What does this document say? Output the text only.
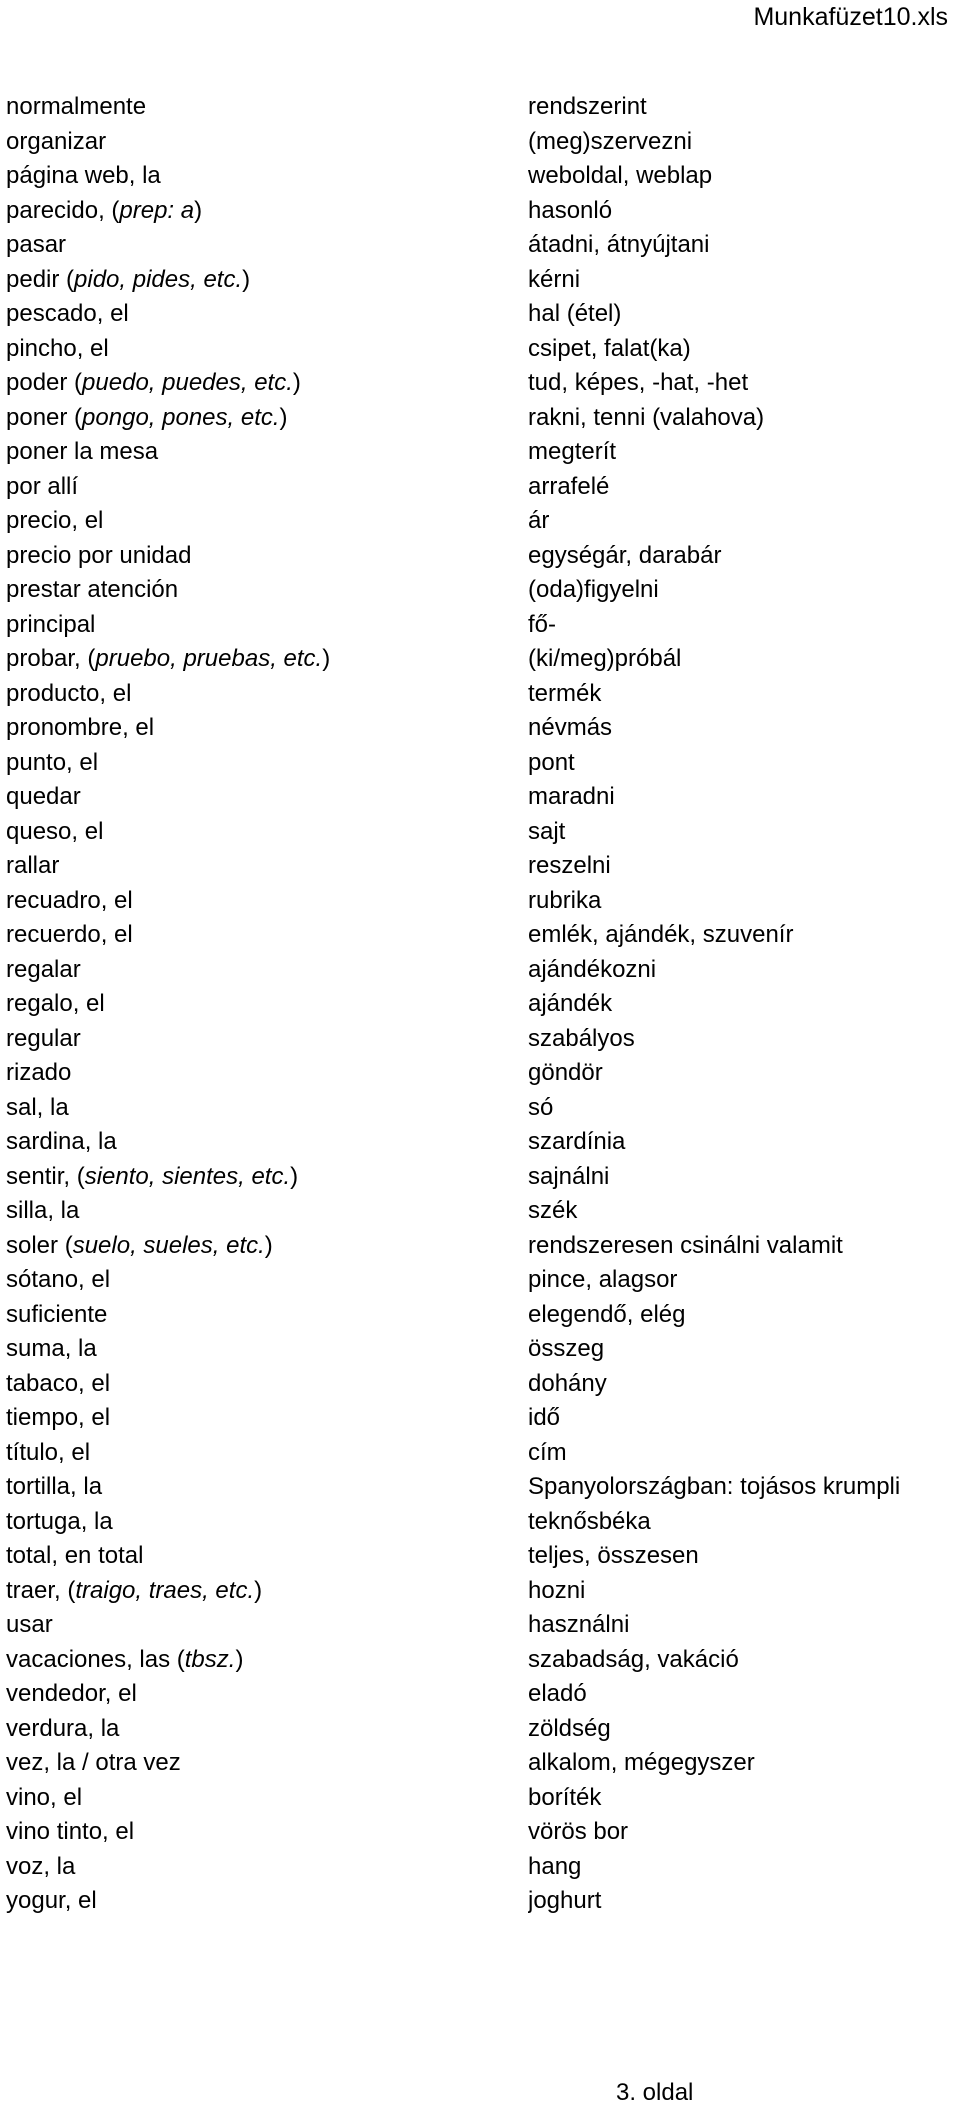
Munkafüzet10.xls
normalmente	rendszerint
organizar	(meg)szervezni
página web, la	weboldal, weblap
parecido, (prep: a)	hasonló
pasar	átadni, átnyújtani
pedir (pido, pides, etc.)	kérni
pescado, el	hal (étel)
pincho, el	csipet, falat(ka)
poder (puedo, puedes, etc.)	tud, képes, -hat, -het
poner (pongo, pones, etc.)	rakni, tenni (valahova)
poner la mesa	megterít
por allí	arrafelé
precio, el	ár
precio por unidad	egységár, darabár
prestar atención	(oda)figyelni
principal	fő-
probar, (pruebo, pruebas, etc.)	(ki/meg)próbál
producto, el	termék
pronombre, el	névmás
punto, el	pont
quedar	maradni
queso, el	sajt
rallar	reszelni
recuadro, el	rubrika
recuerdo, el	emlék, ajándék, szuvenír
regalar	ajándékozni
regalo, el	ajándék
regular	szabályos
rizado	göndör
sal, la	só
sardina, la	szardínia
sentir, (siento, sientes, etc.)	sajnálni
silla, la	szék
soler (suelo, sueles, etc.)	rendszeresen csinálni valamit
sótano, el	pince, alagsor
suficiente	elegendő, elég
suma, la	összeg
tabaco, el	dohány
tiempo, el	idő
título, el	cím
tortilla, la	Spanyolországban: tojásos krumpli
tortuga, la	teknősbéka
total, en total	teljes, összesen
traer, (traigo, traes, etc.)	hozni
usar	használni
vacaciones, las (tbsz.)	szabadság, vakáció
vendedor, el	eladó
verdura, la	zöldség
vez, la / otra vez	alkalom, mégegyszer
vino, el	boríték
vino tinto, el	vörös bor
voz, la	hang
yogur, el	joghurt
3. oldal
